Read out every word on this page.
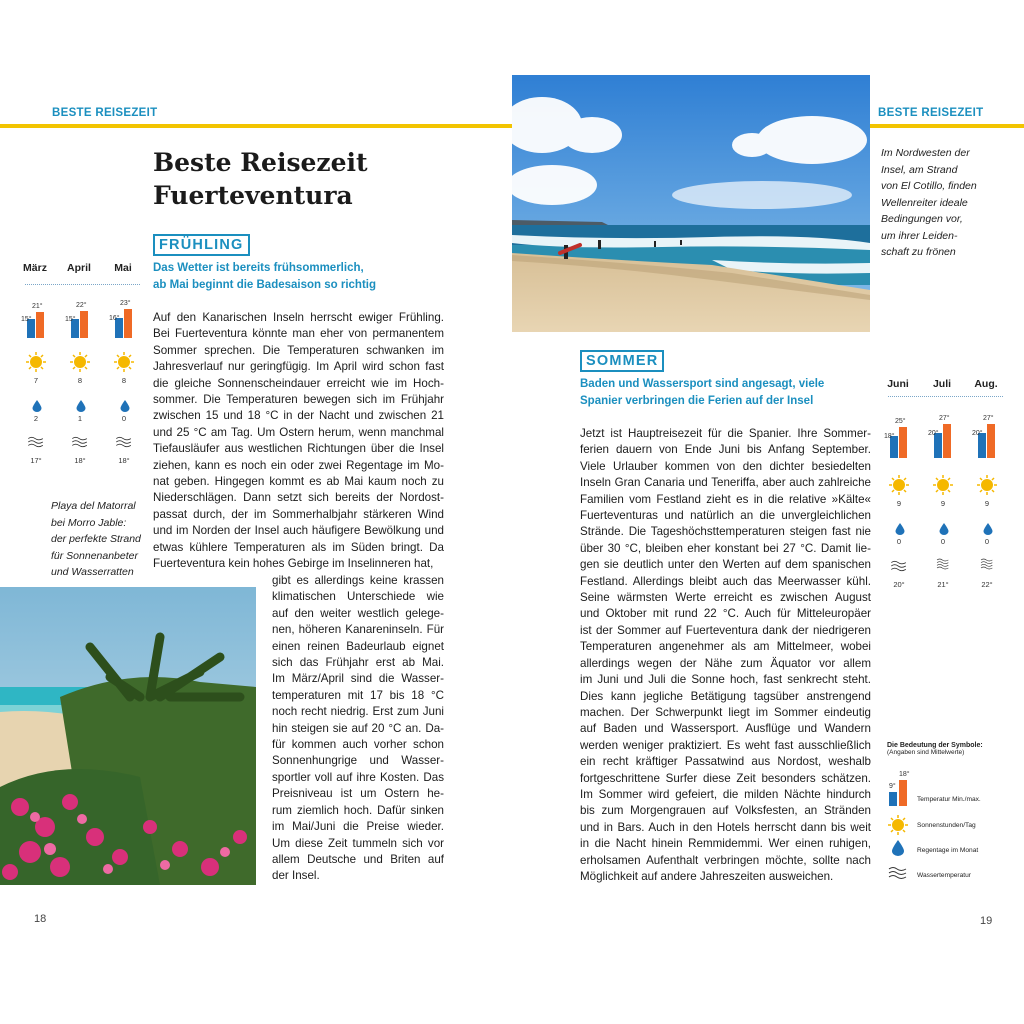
BESTE REISEZEIT
Beste Reisezeit
Fuerteventura
FRÜHLING
Das Wetter ist bereits frühsommerlich,
ab Mai beginnt die Badesaison so richtig
Auf den Kanarischen Inseln herrscht ewiger Frühling.
Bei Fuerteventura könnte man eher von permanentem
Sommer sprechen. Die Temperaturen schwanken im
Jahresverlauf nur geringfügig. Im April wird schon fast
die gleiche Sonnenscheindauer erreicht wie im Hoch-
sommer. Die Temperaturen bewegen sich im Frühjahr
zwischen 15 und 18 °C in der Nacht und zwischen 21
und 25 °C am Tag. Um Ostern herum, wenn manchmal
Tiefausläufer aus westlichen Richtungen über die Insel
ziehen, kann es noch ein oder zwei Regentage im Mo-
nat geben. Hingegen kommt es ab Mai kaum noch zu
Niederschlägen. Dann setzt sich bereits der Nordost-
passat durch, der im Sommerhalbjahr stärkeren Wind
und im Norden der Insel auch häufigere Bewölkung und
etwas kühlere Temperaturen als im Süden bringt. Da
Fuerteventura kein hohes Gebirge im Inselinneren hat,
gibt es allerdings keine krassen
klimatischen Unterschiede wie
auf den weiter westlich gelege-
nen, höheren Kanareninseln. Für
einen reinen Badeurlaub eignet
sich das Frühjahr erst ab Mai.
Im März/April sind die Wasser-
temperaturen mit 17 bis 18 °C
noch recht niedrig. Erst zum Juni
hin steigen sie auf 20 °C an. Da-
für kommen auch vorher schon
Sonnenhungrige und Wasser-
sportler voll auf ihre Kosten. Das
Preisniveau ist um Ostern he-
rum ziemlich hoch. Dafür sinken
im Mai/Juni die Preise wieder.
Um diese Zeit tummeln sich vor
allem Deutsche und Briten auf
der Insel.
Playa del Matorral
bei Morro Jable:
der perfekte Strand
für Sonnenanbeter
und Wasserratten
März
15°
21°
7
2
17°
April
15°
22°
8
1
18°
Mai
16°
23°
8
0
18°
18
BESTE REISEZEIT
Im Nordwesten der
Insel, am Strand
von El Cotillo, finden
Wellenreiter ideale
Bedingungen vor,
um ihrer Leiden-
schaft zu frönen
SOMMER
Baden und Wassersport sind angesagt, viele
Spanier verbringen die Ferien auf der Insel
Jetzt ist Hauptreisezeit für die Spanier. Ihre Sommer-
ferien dauern von Ende Juni bis Anfang September.
Viele Urlauber kommen von den dichter besiedelten
Inseln Gran Canaria und Teneriffa, aber auch zahlreiche
Familien vom Festland zieht es in die relative »Kälte«
Fuerteventuras und natürlich an die unvergleichlichen
Strände. Die Tageshöchsttemperaturen steigen fast nie
über 30 °C, bleiben eher konstant bei 27 °C. Damit lie-
gen sie deutlich unter den Werten auf dem spanischen
Festland. Allerdings bleibt auch das Meerwasser kühl.
Seine wärmsten Werte erreicht es zwischen August
und Oktober mit rund 22 °C. Auch für Mitteleuropäer
ist der Sommer auf Fuerteventura dank der niedrigeren
Temperaturen angenehmer als am Mittelmeer, wobei
allerdings wegen der Nähe zum Äquator vor allem
im Juni und Juli die Sonne hoch, fast senkrecht steht.
Dies kann jegliche Betätigung tagsüber anstrengend
machen. Der Schwerpunkt liegt im Sommer eindeutig
auf Baden und Wassersport. Ausflüge und Wandern
werden weniger praktiziert. Es weht fast ausschließlich
ein recht kräftiger Passatwind aus Nordost, weshalb
fortgeschrittene Surfer diese Zeit besonders schätzen.
Im Sommer wird gefeiert, die milden Nächte hindurch
bis zum Morgengrauen auf Volksfesten, an Stränden
und in Bars. Auch in den Hotels herrscht dann bis weit
in die Nacht hinein Remmidemmi. Wer einen ruhigen,
erholsamen Aufenthalt verbringen möchte, sollte nach
Möglichkeit auf andere Jahreszeiten ausweichen.
Juni
18°
25°
9
0
20°
Juli
20°
27°
9
0
21°
Aug.
20°
27°
9
0
22°
Die Bedeutung der Symbole:
(Angaben sind Mittelwerte)
9°
18°
Temperatur Min./max.
Sonnenstunden/Tag
Regentage im Monat
Wassertemperatur
19
